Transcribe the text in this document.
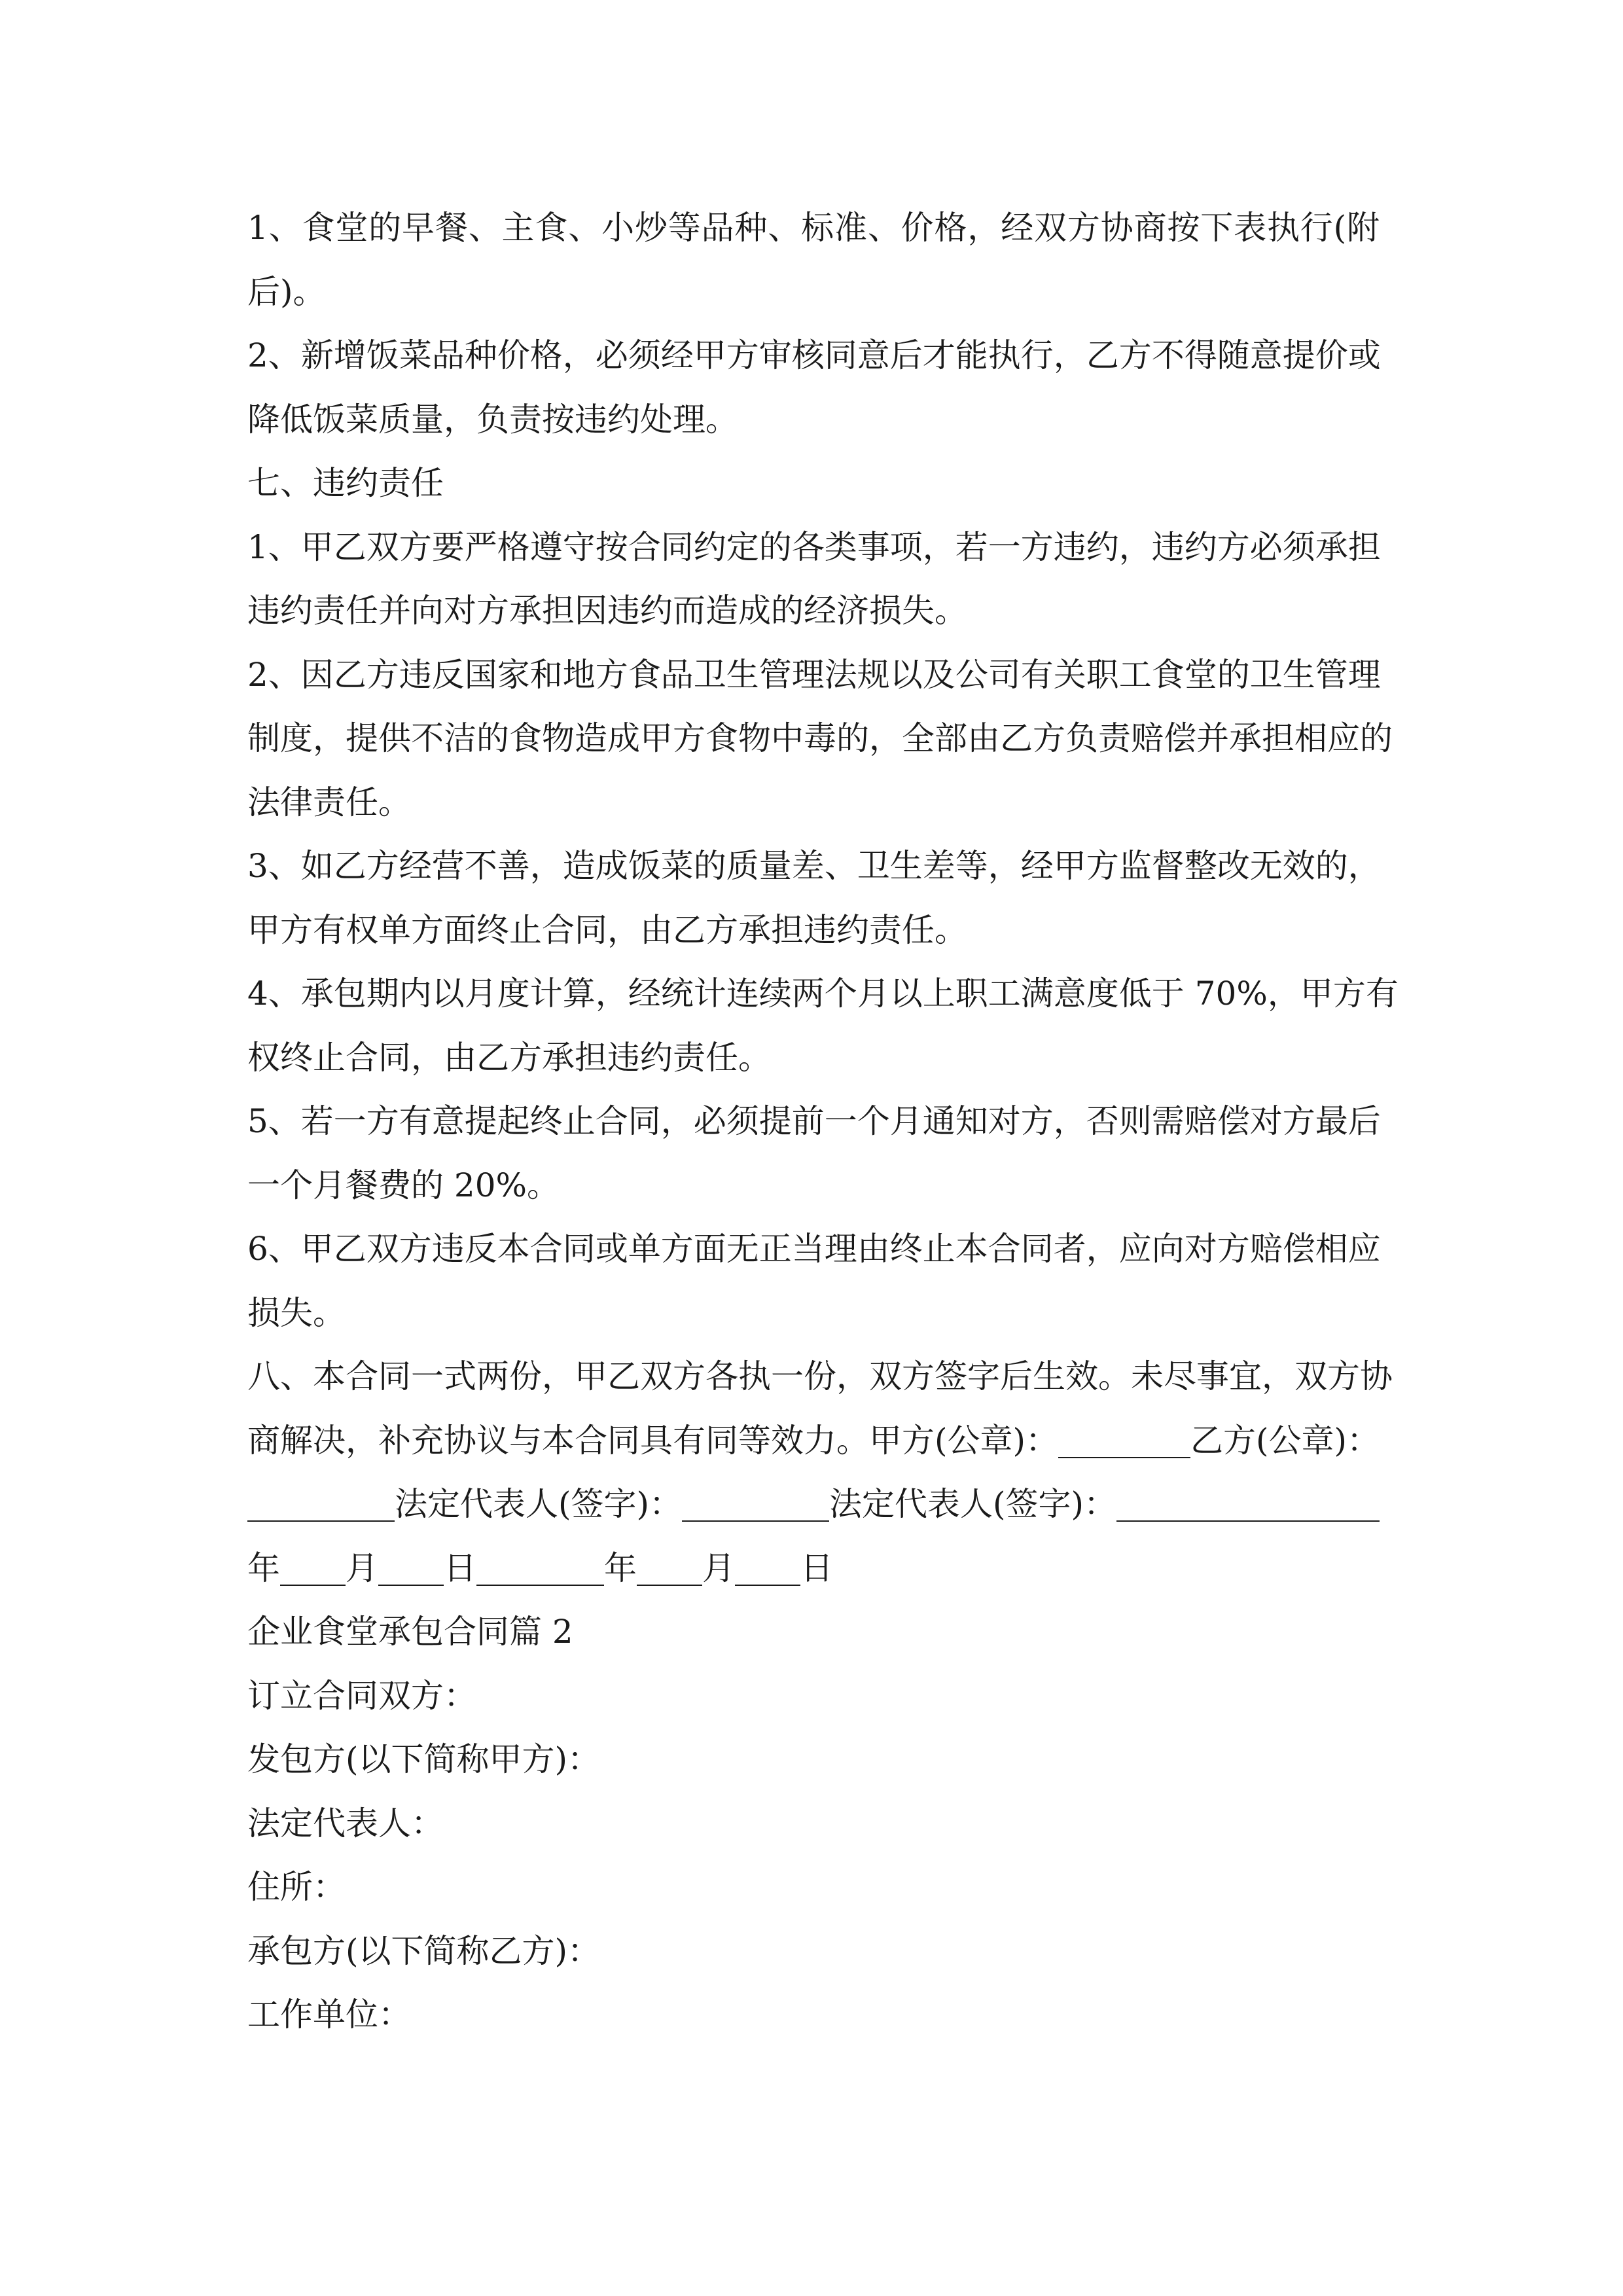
1、食堂的早餐、主食、小炒等品种、标准、价格，经双方协商按下表执行(附
后)。
2、新增饭菜品种价格，必须经甲方审核同意后才能执行，乙方不得随意提价或
降低饭菜质量，负责按违约处理。
七、违约责任
1、甲乙双方要严格遵守按合同约定的各类事项，若一方违约，违约方必须承担
违约责任并向对方承担因违约而造成的经济损失。
2、因乙方违反国家和地方食品卫生管理法规以及公司有关职工食堂的卫生管理
制度，提供不洁的食物造成甲方食物中毒的，全部由乙方负责赔偿并承担相应的
法律责任。
3、如乙方经营不善，造成饭菜的质量差、卫生差等，经甲方监督整改无效的，
甲方有权单方面终止合同，由乙方承担违约责任。
4、承包期内以月度计算，经统计连续两个月以上职工满意度低于 70%，甲方有
权终止合同，由乙方承担违约责任。
5、若一方有意提起终止合同，必须提前一个月通知对方，否则需赔偿对方最后
一个月餐费的 20%。
6、甲乙双方违反本合同或单方面无正当理由终止本合同者，应向对方赔偿相应
损失。
八、本合同一式两份，甲乙双方各执一份，双方签字后生效。未尽事宜，双方协
商解决，补充协议与本合同具有同等效力。甲方(公章)：	乙方(公章)：
法定代表人(签字)：	法定代表人(签字)：
年 月 日	年 月 日
企业食堂承包合同篇 2
订立合同双方：
发包方(以下简称甲方)：
法定代表人：
住所：
承包方(以下简称乙方)：
工作单位：
